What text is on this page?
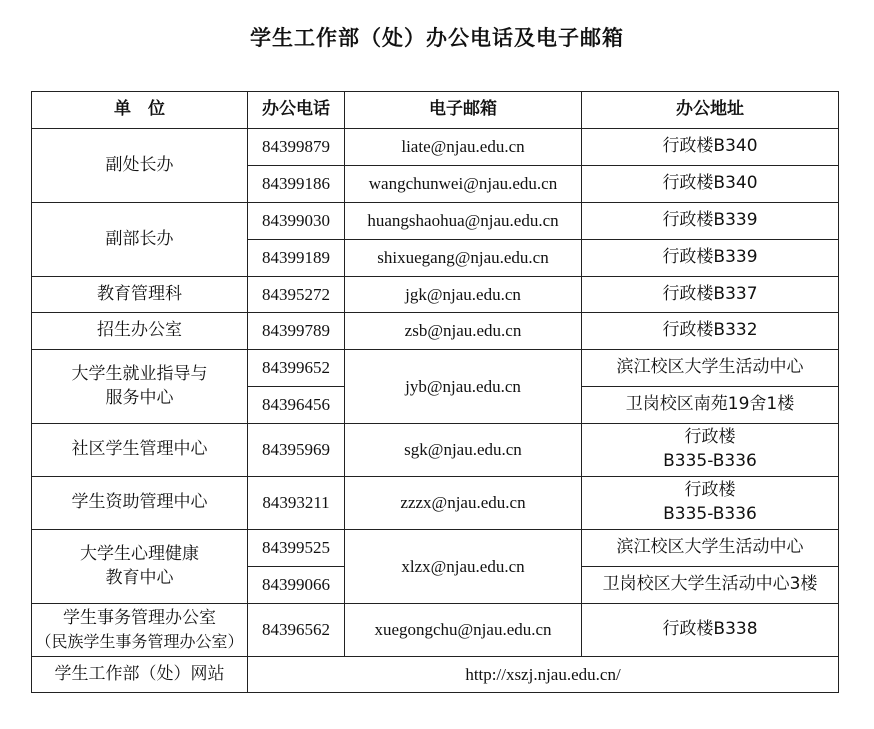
学生工作部（处）办公电话及电子邮箱
单　位	办公电话	电子邮箱	办公地址
副处长办	84399879	liate@njau.edu.cn	行政楼B340
	84399186	wangchunwei@njau.edu.cn	行政楼B340
副部长办	84399030	huangshaohua@njau.edu.cn	行政楼B339
	84399189	shixuegang@njau.edu.cn	行政楼B339
教育管理科	84395272	jgk@njau.edu.cn	行政楼B337
招生办公室	84399789	zsb@njau.edu.cn	行政楼B332

大学生就业指导与
服务中心	84399652	jyb@njau.edu.cn	滨江校区大学生活动中心
	84396456		卫岗校区南苑19舍1楼
社区学生管理中心	84395969	sgk@njau.edu.cn	行政楼
B335-B336

学生资助管理中心	84393211	zzzx@njau.edu.cn	行政楼
B335-B336

大学生心理健康
教育中心	84399525	xlzx@njau.edu.cn	滨江校区大学生活动中心
	84399066		卫岗校区大学生活动中心3楼

学生事务管理办公室
（民族学生事务管理办公室）	84396562	xuegongchu@njau.edu.cn	行政楼B338
学生工作部（处）网站	http://xszj.njau.edu.cn/		
